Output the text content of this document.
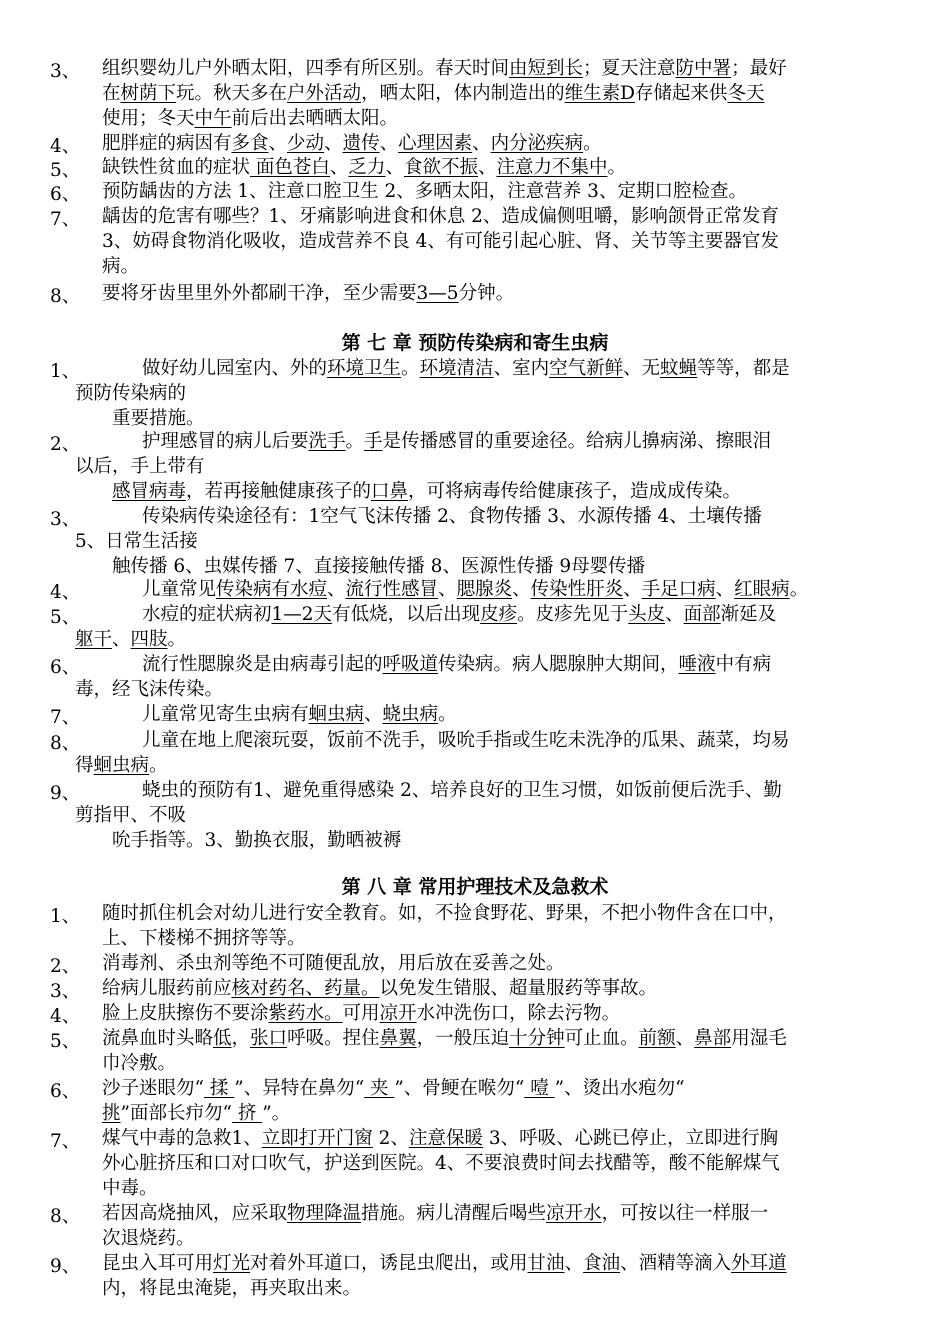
3、 组织婴幼儿户外晒太阳，四季有所区别。春天时间由短到长；夏天注意防中署；最好
在树荫下玩。秋天多在户外活动，晒太阳，体内制造出的维生素D存储起来供冬天
使用；冬天中午前后出去晒晒太阳。
4、 肥胖症的病因有多食、少动、遗传、心理因素、内分泌疾病。
5、 缺铁性贫血的症状 面色苍白、乏力、食欲不振、注意力不集中。
6、 预防龋齿的方法 1、注意口腔卫生 2、多晒太阳，注意营养 3、定期口腔检查。
7、 龋齿的危害有哪些？1、牙痛影响进食和休息 2、造成偏侧咀嚼，影响颌骨正常发育
3、妨碍食物消化吸收，造成营养不良 4、有可能引起心脏、肾、关节等主要器官发
病。
8、 要将牙齿里里外外都刷干净，至少需要3—5分钟。
第 七 章 预防传染病和寄生虫病
1、	做好幼儿园室内、外的环境卫生。环境清洁、室内空气新鲜、无蚊蝇等等，都是
预防传染病的
重要措施。
2、	护理感冒的病儿后要洗手。手是传播感冒的重要途径。给病儿擤病涕、擦眼泪
以后，手上带有
感冒病毒，若再接触健康孩子的口鼻，可将病毒传给健康孩子，造成成传染。
3、	传染病传染途径有：1空气飞沫传播 2、食物传播 3、水源传播 4、土壤传播
5、日常生活接
触传播 6、虫媒传播 7、直接接触传播 8、医源性传播 9母婴传播
4、	儿童常见传染病有水痘、流行性感冒、腮腺炎、传染性肝炎、手足口病、红眼病。
5、	水痘的症状病初1—2天有低烧，以后出现皮疹。皮疹先见于头皮、面部渐延及
躯干、四肢。
6、	流行性腮腺炎是由病毒引起的呼吸道传染病。病人腮腺肿大期间，唾液中有病
毒，经飞沫传染。
7、	儿童常见寄生虫病有蛔虫病、蛲虫病。
8、	儿童在地上爬滚玩耍，饭前不洗手，吸吮手指或生吃未洗净的瓜果、蔬菜，均易
得蛔虫病。
9、	蛲虫的预防有1、避免重得感染 2、培养良好的卫生习惯，如饭前便后洗手、勤
剪指甲、不吸
吮手指等。3、勤换衣服，勤晒被褥
第 八 章 常用护理技术及急救术
1、 随时抓住机会对幼儿进行安全教育。如，不捡食野花、野果，不把小物件含在口中，
上、下楼梯不拥挤等等。
2、 消毒剂、杀虫剂等绝不可随便乱放，用后放在妥善之处。
3、 给病儿服药前应核对药名、药量。以免发生错服、超量服药等事故。
4、 脸上皮肤擦伤不要涂紫药水。可用凉开水冲洗伤口，除去污物。
5、 流鼻血时头略低，张口呼吸。捏住鼻翼，一般压迫十分钟可止血。前额、鼻部用湿毛
巾冷敷。
6、 沙子迷眼勿“ 揉 ”、异特在鼻勿“ 夹 ”、骨鲠在喉勿“ 噎 ”、烫出水疱勿“
挑”面部长疖勿“ 挤 ”。
7、 煤气中毒的急救1、立即打开门窗 2、注意保暖 3、呼吸、心跳已停止，立即进行胸
外心脏挤压和口对口吹气，护送到医院。4、不要浪费时间去找醋等，酸不能解煤气
中毒。
8、 若因高烧抽风，应采取物理降温措施。病儿清醒后喝些凉开水，可按以往一样服一
次退烧药。
9、 昆虫入耳可用灯光对着外耳道口，诱昆虫爬出，或用甘油、食油、酒精等滴入外耳道
内，将昆虫淹毙，再夹取出来。
